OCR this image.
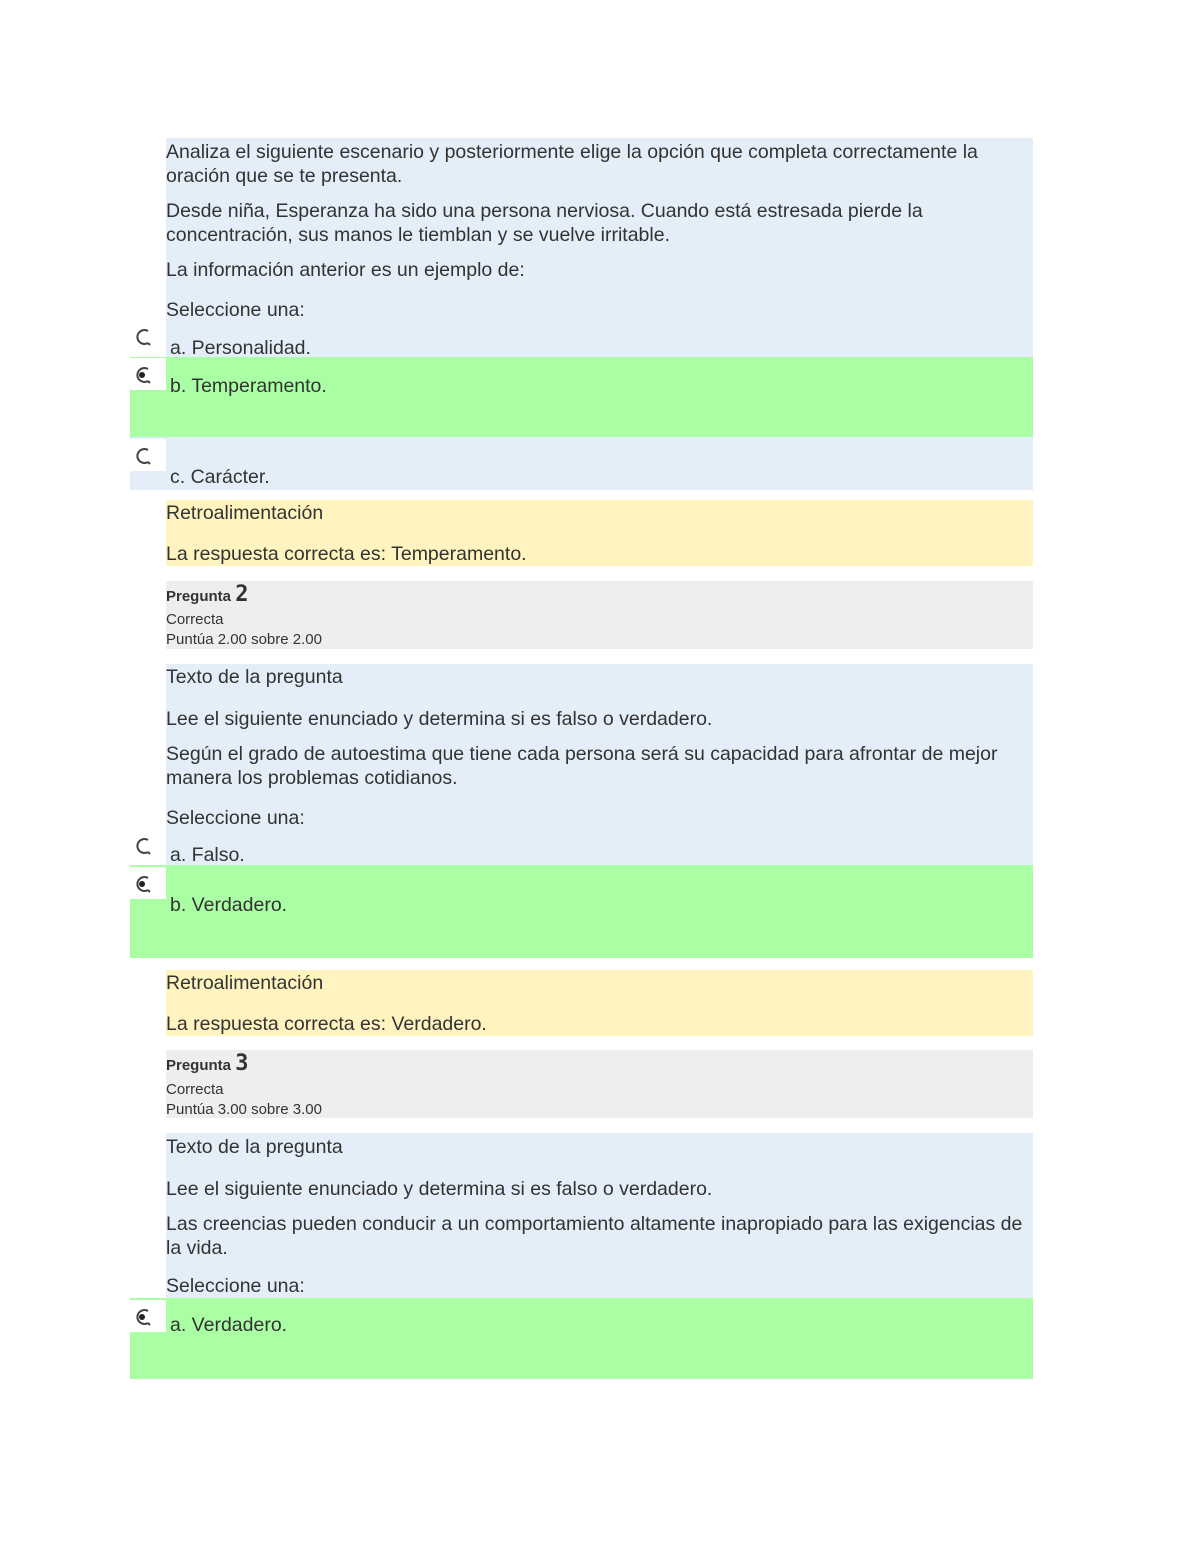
Analiza el siguiente escenario y posteriormente elige la opción que completa correctamente la oración que se te presenta.
Desde niña, Esperanza ha sido una persona nerviosa. Cuando está estresada pierde la concentración, sus manos le tiemblan y se vuelve irritable.
La información anterior es un ejemplo de:
Seleccione una:
a. Personalidad.
b. Temperamento.
c. Carácter.
Retroalimentación
La respuesta correcta es: Temperamento.
Pregunta 2
Correcta
Puntúa 2.00 sobre 2.00
Texto de la pregunta
Lee el siguiente enunciado y determina si es falso o verdadero.
Según el grado de autoestima que tiene cada persona será su capacidad para afrontar de mejor manera los problemas cotidianos.
Seleccione una:
a. Falso.
b. Verdadero.
Retroalimentación
La respuesta correcta es: Verdadero.
Pregunta 3
Correcta
Puntúa 3.00 sobre 3.00
Texto de la pregunta
Lee el siguiente enunciado y determina si es falso o verdadero.
Las creencias pueden conducir a un comportamiento altamente inapropiado para las exigencias de la vida.
Seleccione una:
a. Verdadero.
